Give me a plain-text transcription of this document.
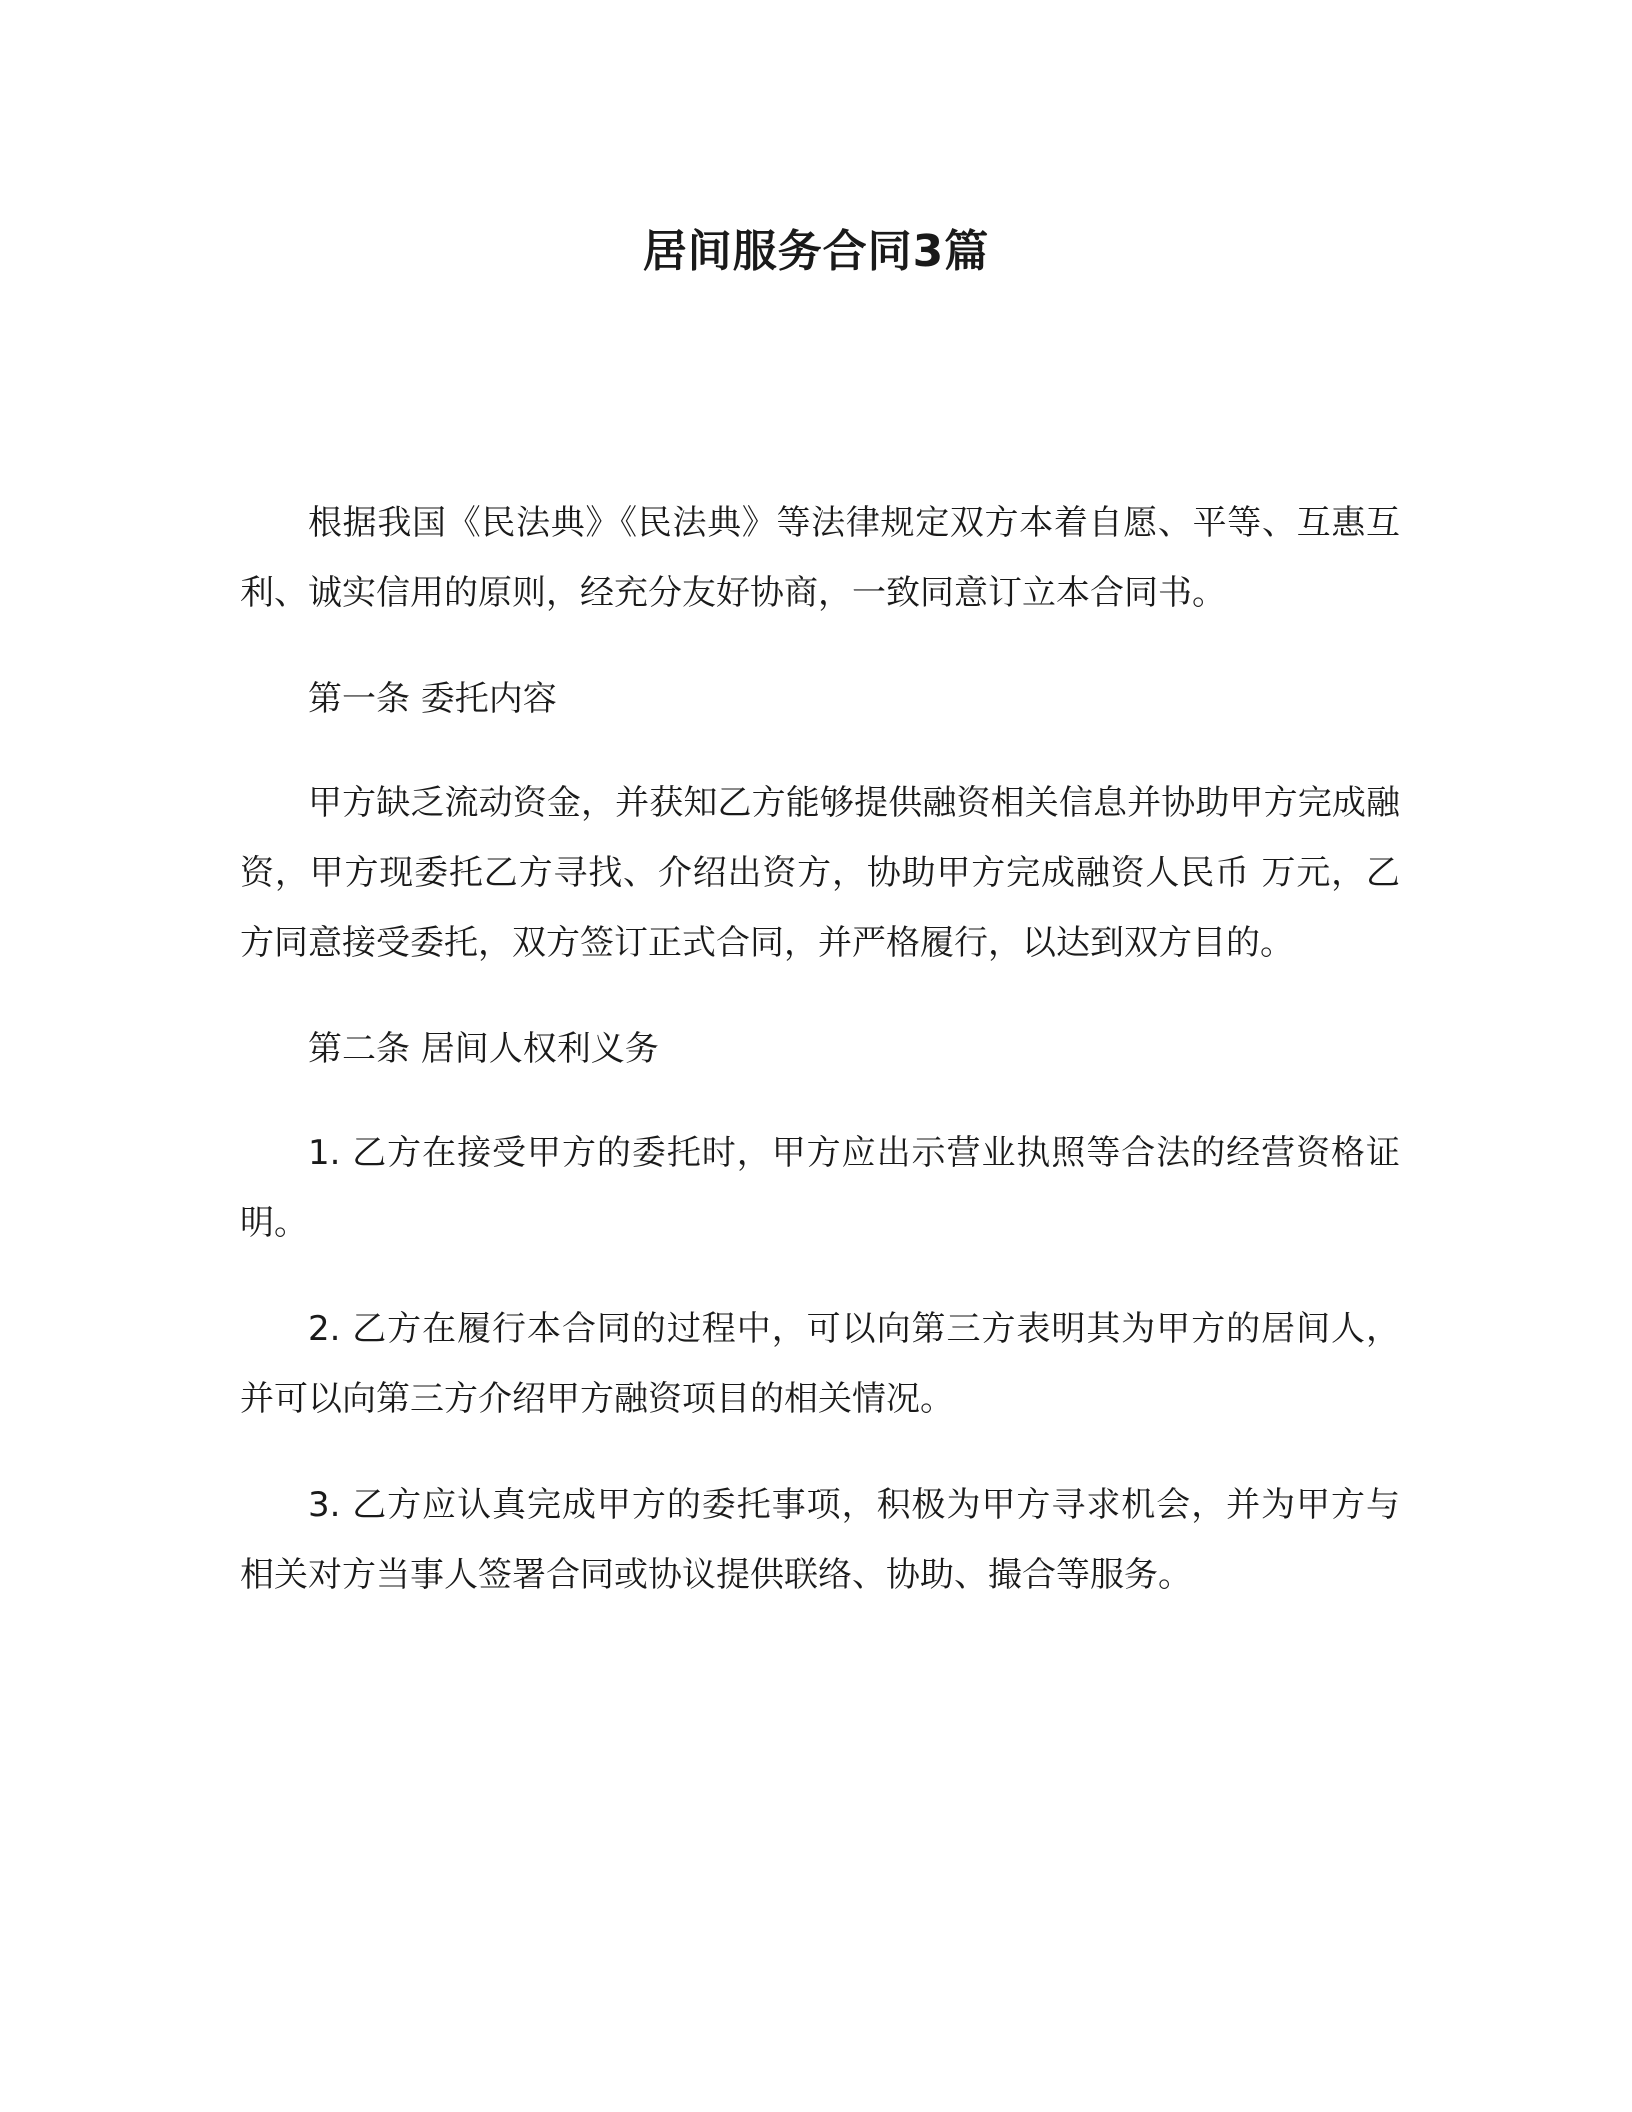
居间服务合同3篇

根据我国《民法典》《民法典》等法律规定双方本着自愿、平等、互惠互利、诚实信用的原则，经充分友好协商，一致同意订立本合同书。

第一条 委托内容

甲方缺乏流动资金，并获知乙方能够提供融资相关信息并协助甲方完成融资，甲方现委托乙方寻找、介绍出资方，协助甲方完成融资人民币 万元，乙方同意接受委托，双方签订正式合同，并严格履行，以达到双方目的。

第二条 居间人权利义务

1. 乙方在接受甲方的委托时，甲方应出示营业执照等合法的经营资格证明。

2. 乙方在履行本合同的过程中，可以向第三方表明其为甲方的居间人，并可以向第三方介绍甲方融资项目的相关情况。

3. 乙方应认真完成甲方的委托事项，积极为甲方寻求机会，并为甲方与相关对方当事人签署合同或协议提供联络、协助、撮合等服务。
